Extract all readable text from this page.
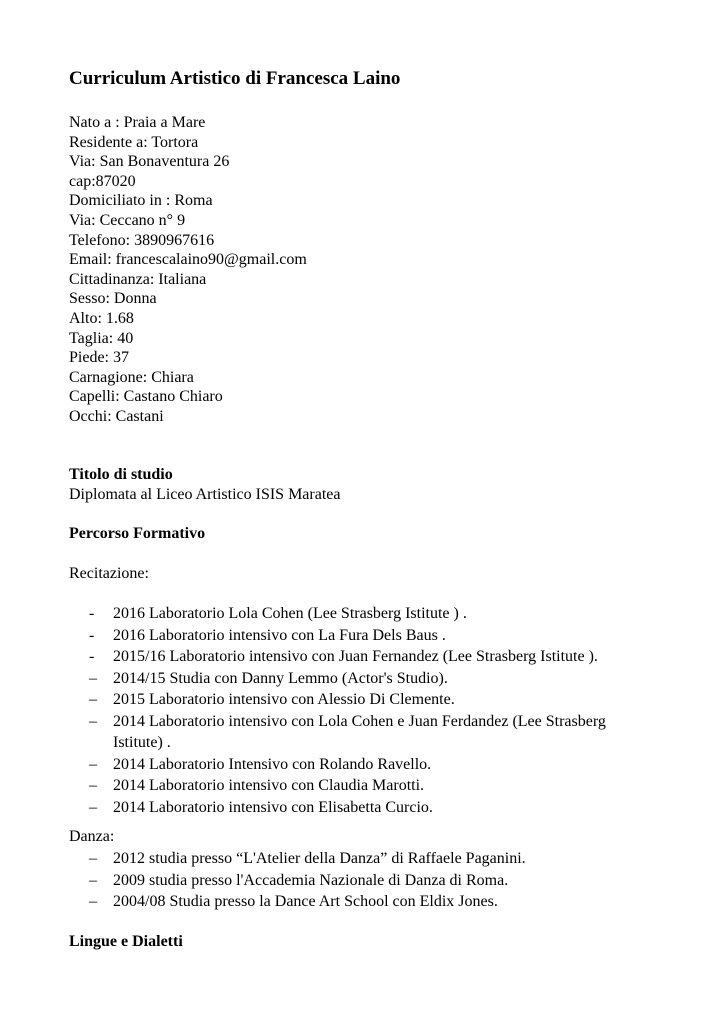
Curriculum Artistico di Francesca Laino
Nato a : Praia a Mare
Residente a: Tortora
Via: San Bonaventura 26
cap:87020
Domiciliato in : Roma
Via: Ceccano n° 9
Telefono: 3890967616
Email: francescalaino90@gmail.com
Cittadinanza: Italiana
Sesso: Donna
Alto: 1.68
Taglia: 40
Piede: 37
Carnagione: Chiara
Capelli: Castano Chiaro
Occhi: Castani
Titolo di studio

Diplomata al Liceo Artistico ISIS Maratea

Percorso Formativo

Recitazione:

- 2016 Laboratorio Lola Cohen (Lee Strasberg Istitute ) .
- 2016 Laboratorio intensivo con La Fura Dels Baus .
- 2015/16 Laboratorio intensivo con Juan Fernandez (Lee Strasberg Istitute ).
– 2014/15 Studia con Danny Lemmo (Actor's Studio).
– 2015 Laboratorio intensivo con Alessio Di Clemente.
– 2014 Laboratorio intensivo con Lola Cohen e Juan Ferdandez (Lee Strasberg Istitute) .
– 2014 Laboratorio Intensivo con Rolando Ravello.
– 2014 Laboratorio intensivo con Claudia Marotti.
– 2014 Laboratorio intensivo con Elisabetta Curcio.

Danza:

– 2012 studia presso “L'Atelier della Danza” di Raffaele Paganini.
– 2009 studia presso l'Accademia Nazionale di Danza di Roma.
– 2004/08 Studia presso la Dance Art School con Eldix Jones.
Lingue e Dialetti
